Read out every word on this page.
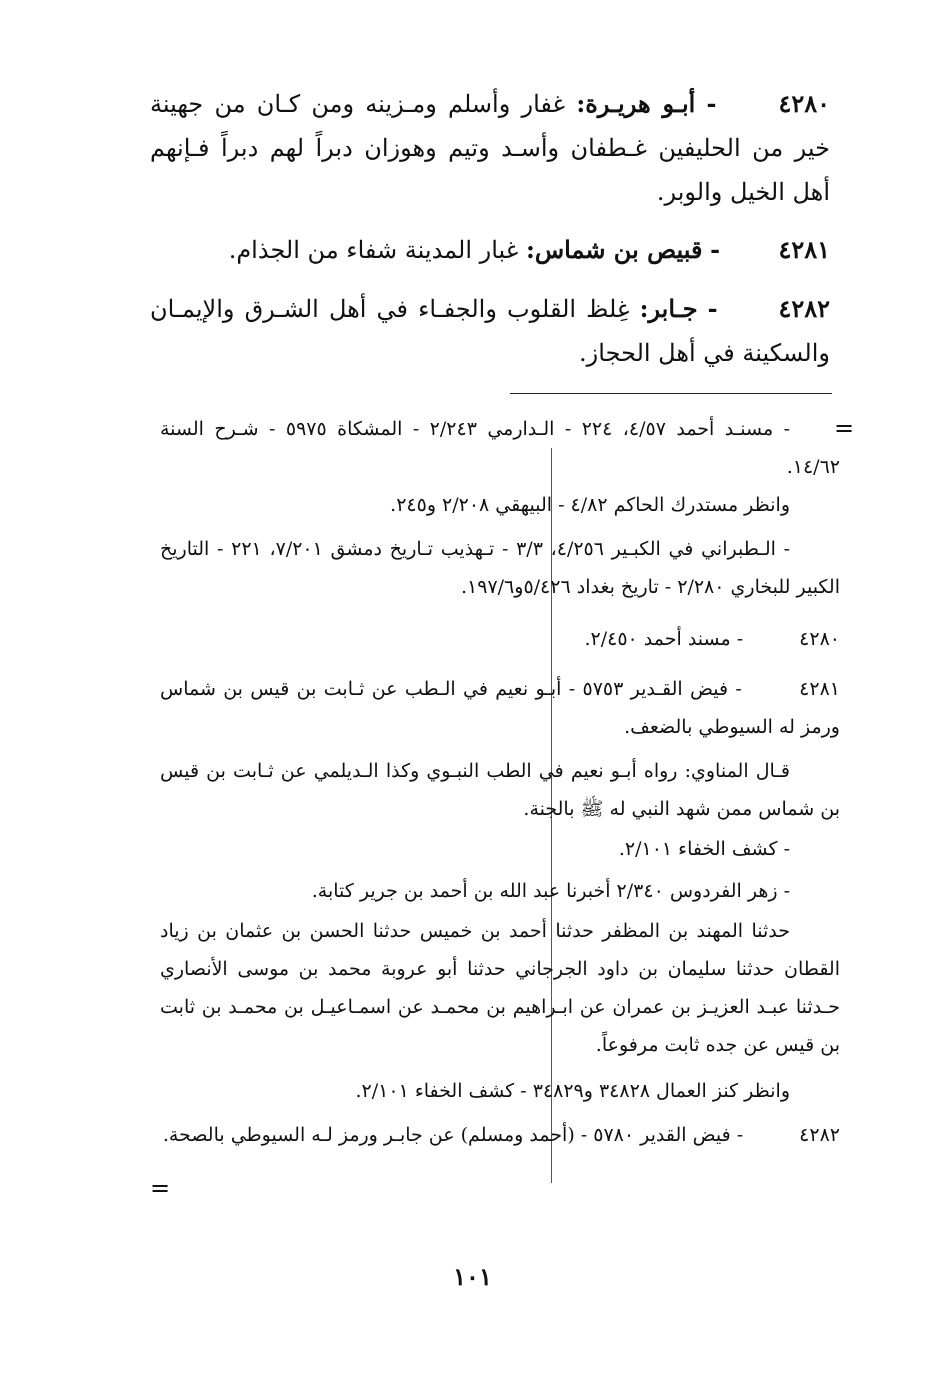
٤٢٨٠ - أبـو هريـرة: غفار وأسلم ومـزينه ومن كـان من جهينة خير من الحليفين غـطفان وأسـد وتيم وهوزان دبراً لهم دبراً فـإنهم أهل الخيل والوبر.
٤٢٨١ - قبيص بن شماس: غبار المدينة شفاء من الجذام.
٤٢٨٢ - جـابر: غِلظ القلوب والجفـاء في أهل الشـرق والإيمـان والسكينة في أهل الحجاز.
=
- مسنـد أحمد ٤/٥٧، ٢٢٤ - الـدارمي ٢/٢٤٣ - المشكاة ٥٩٧٥ - شـرح السنة ١٤/٦٢.
وانظر مستدرك الحاكم ٤/٨٢ - البيهقي ٢/٢٠٨ و٢٤٥.
- الـطبراني في الكبـير ٤/٢٥٦، ٣/٣ - تـهذيب تـاريخ دمشق ٧/٢٠١، ٢٢١ - التاريخ الكبير للبخاري ٢/٢٨٠ - تاريخ بغداد ٥/٤٢٦و١٩٧/٦.
٤٢٨٠ - مسند أحمد ٢/٤٥٠.
٤٢٨١ - فيض القـدير ٥٧٥٣ - أبـو نعيم في الـطب عن ثـابت بن قيس بن شماس ورمز له السيوطي بالضعف.
قـال المناوي: رواه أبـو نعيم في الطب النبـوي وكذا الـديلمي عن ثـابت بن قيس بن شماس ممن شهد النبي له ﷺ بالجنة.
- كشف الخفاء ٢/١٠١.
- زهر الفردوس ٢/٣٤٠ أخبرنا عبد الله بن أحمد بن جرير كتابة.
حدثنا المهند بن المظفر حدثنا أحمد بن خميس حدثنا الحسن بن عثمان بن زياد القطان حدثنا سليمان بن داود الجرجاني حدثنا أبو عروبة محمد بن موسى الأنصاري حـدثنا عبـد العزيـز بن عمران عن ابـراهيم بن محمـد عن اسمـاعيـل بن محمـد بن ثابت بن قيس عن جده ثابت مرفوعاً.
وانظر كنز العمال ٣٤٨٢٨ و٣٤٨٢٩ - كشف الخفاء ٢/١٠١.
٤٢٨٢ - فيض القدير ٥٧٨٠ - (أحمد ومسلم) عن جابـر ورمز لـه السيوطي بالصحة.
=
١٠١
